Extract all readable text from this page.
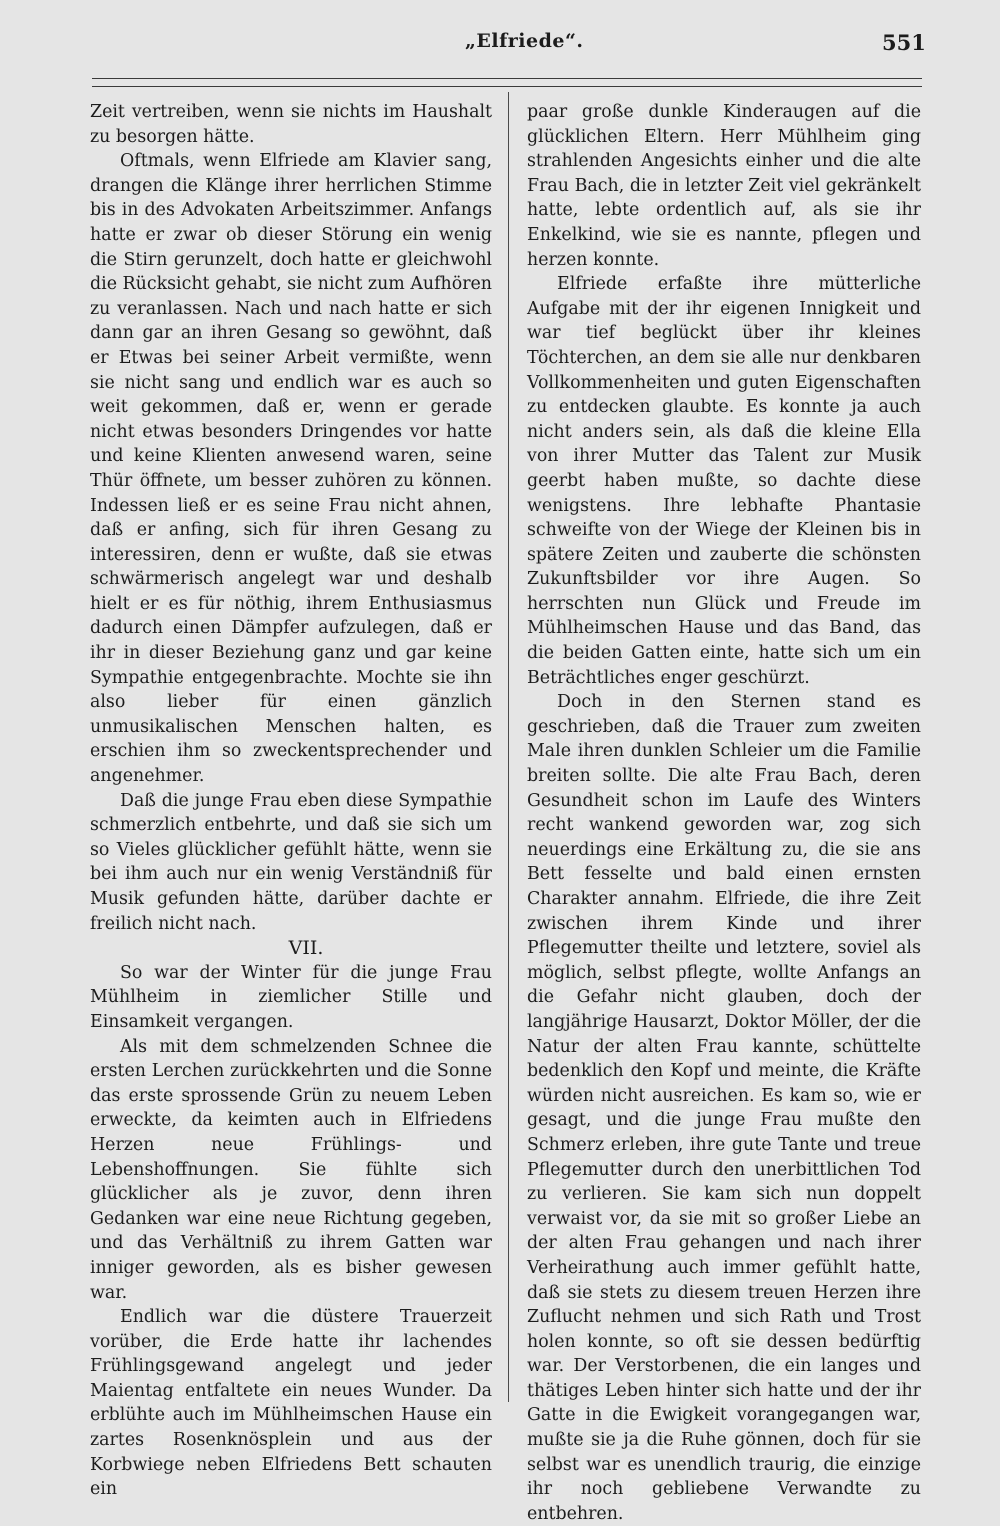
„Elfriede“.	551

Zeit vertreiben, wenn sie nichts im Haushalt zu besorgen hätte.

Oftmals, wenn Elfriede am Klavier sang, drangen die Klänge ihrer herrlichen Stimme bis in des Advokaten Arbeitszimmer. Anfangs hatte er zwar ob dieser Störung ein wenig die Stirn gerunzelt, doch hatte er gleichwohl die Rücksicht gehabt, sie nicht zum Aufhören zu veranlassen. Nach und nach hatte er sich dann gar an ihren Gesang so gewöhnt, daß er Etwas bei seiner Arbeit vermißte, wenn sie nicht sang und endlich war es auch so weit gekommen, daß er, wenn er gerade nicht etwas besonders Dringendes vor hatte und keine Klienten anwesend waren, seine Thür öffnete, um besser zuhören zu können. Indessen ließ er es seine Frau nicht ahnen, daß er anfing, sich für ihren Gesang zu interessiren, denn er wußte, daß sie etwas schwärmerisch angelegt war und deshalb hielt er es für nöthig, ihrem Enthusiasmus dadurch einen Dämpfer aufzulegen, daß er ihr in dieser Beziehung ganz und gar keine Sympathie entgegenbrachte. Mochte sie ihn also lieber für einen gänzlich unmusikalischen Menschen halten, es erschien ihm so zweckentsprechender und angenehmer.

Daß die junge Frau eben diese Sympathie schmerzlich entbehrte, und daß sie sich um so Vieles glücklicher gefühlt hätte, wenn sie bei ihm auch nur ein wenig Verständniß für Musik gefunden hätte, darüber dachte er freilich nicht nach.

VII.

So war der Winter für die junge Frau Mühlheim in ziemlicher Stille und Einsamkeit vergangen.

Als mit dem schmelzenden Schnee die ersten Lerchen zurückkehrten und die Sonne das erste sprossende Grün zu neuem Leben erweckte, da keimten auch in Elfriedens Herzen neue Frühlings- und Lebenshoffnungen. Sie fühlte sich glücklicher als je zuvor, denn ihren Gedanken war eine neue Richtung gegeben, und das Verhältniß zu ihrem Gatten war inniger geworden, als es bisher gewesen war.

Endlich war die düstere Trauerzeit vorüber, die Erde hatte ihr lachendes Frühlingsgewand angelegt und jeder Maientag entfaltete ein neues Wunder. Da erblühte auch im Mühlheimschen Hause ein zartes Rosenknösplein und aus der Korbwiege neben Elfriedens Bett schauten ein

paar große dunkle Kinderaugen auf die glücklichen Eltern. Herr Mühlheim ging strahlenden Angesichts einher und die alte Frau Bach, die in letzter Zeit viel gekränkelt hatte, lebte ordentlich auf, als sie ihr Enkelkind, wie sie es nannte, pflegen und herzen konnte.

Elfriede erfaßte ihre mütterliche Aufgabe mit der ihr eigenen Innigkeit und war tief beglückt über ihr kleines Töchterchen, an dem sie alle nur denkbaren Vollkommenheiten und guten Eigenschaften zu entdecken glaubte. Es konnte ja auch nicht anders sein, als daß die kleine Ella von ihrer Mutter das Talent zur Musik geerbt haben mußte, so dachte diese wenigstens. Ihre lebhafte Phantasie schweifte von der Wiege der Kleinen bis in spätere Zeiten und zauberte die schönsten Zukunftsbilder vor ihre Augen. So herrschten nun Glück und Freude im Mühlheimschen Hause und das Band, das die beiden Gatten einte, hatte sich um ein Beträchtliches enger geschürzt.

Doch in den Sternen stand es geschrieben, daß die Trauer zum zweiten Male ihren dunklen Schleier um die Familie breiten sollte. Die alte Frau Bach, deren Gesundheit schon im Laufe des Winters recht wankend geworden war, zog sich neuerdings eine Erkältung zu, die sie ans Bett fesselte und bald einen ernsten Charakter annahm. Elfriede, die ihre Zeit zwischen ihrem Kinde und ihrer Pflegemutter theilte und letztere, soviel als möglich, selbst pflegte, wollte Anfangs an die Gefahr nicht glauben, doch der langjährige Hausarzt, Doktor Möller, der die Natur der alten Frau kannte, schüttelte bedenklich den Kopf und meinte, die Kräfte würden nicht ausreichen. Es kam so, wie er gesagt, und die junge Frau mußte den Schmerz erleben, ihre gute Tante und treue Pflegemutter durch den unerbittlichen Tod zu verlieren. Sie kam sich nun doppelt verwaist vor, da sie mit so großer Liebe an der alten Frau gehangen und nach ihrer Verheirathung auch immer gefühlt hatte, daß sie stets zu diesem treuen Herzen ihre Zuflucht nehmen und sich Rath und Trost holen konnte, so oft sie dessen bedürftig war. Der Verstorbenen, die ein langes und thätiges Leben hinter sich hatte und der ihr Gatte in die Ewigkeit vorangegangen war, mußte sie ja die Ruhe gönnen, doch für sie selbst war es unendlich traurig, die einzige ihr noch gebliebene Verwandte zu entbehren.
